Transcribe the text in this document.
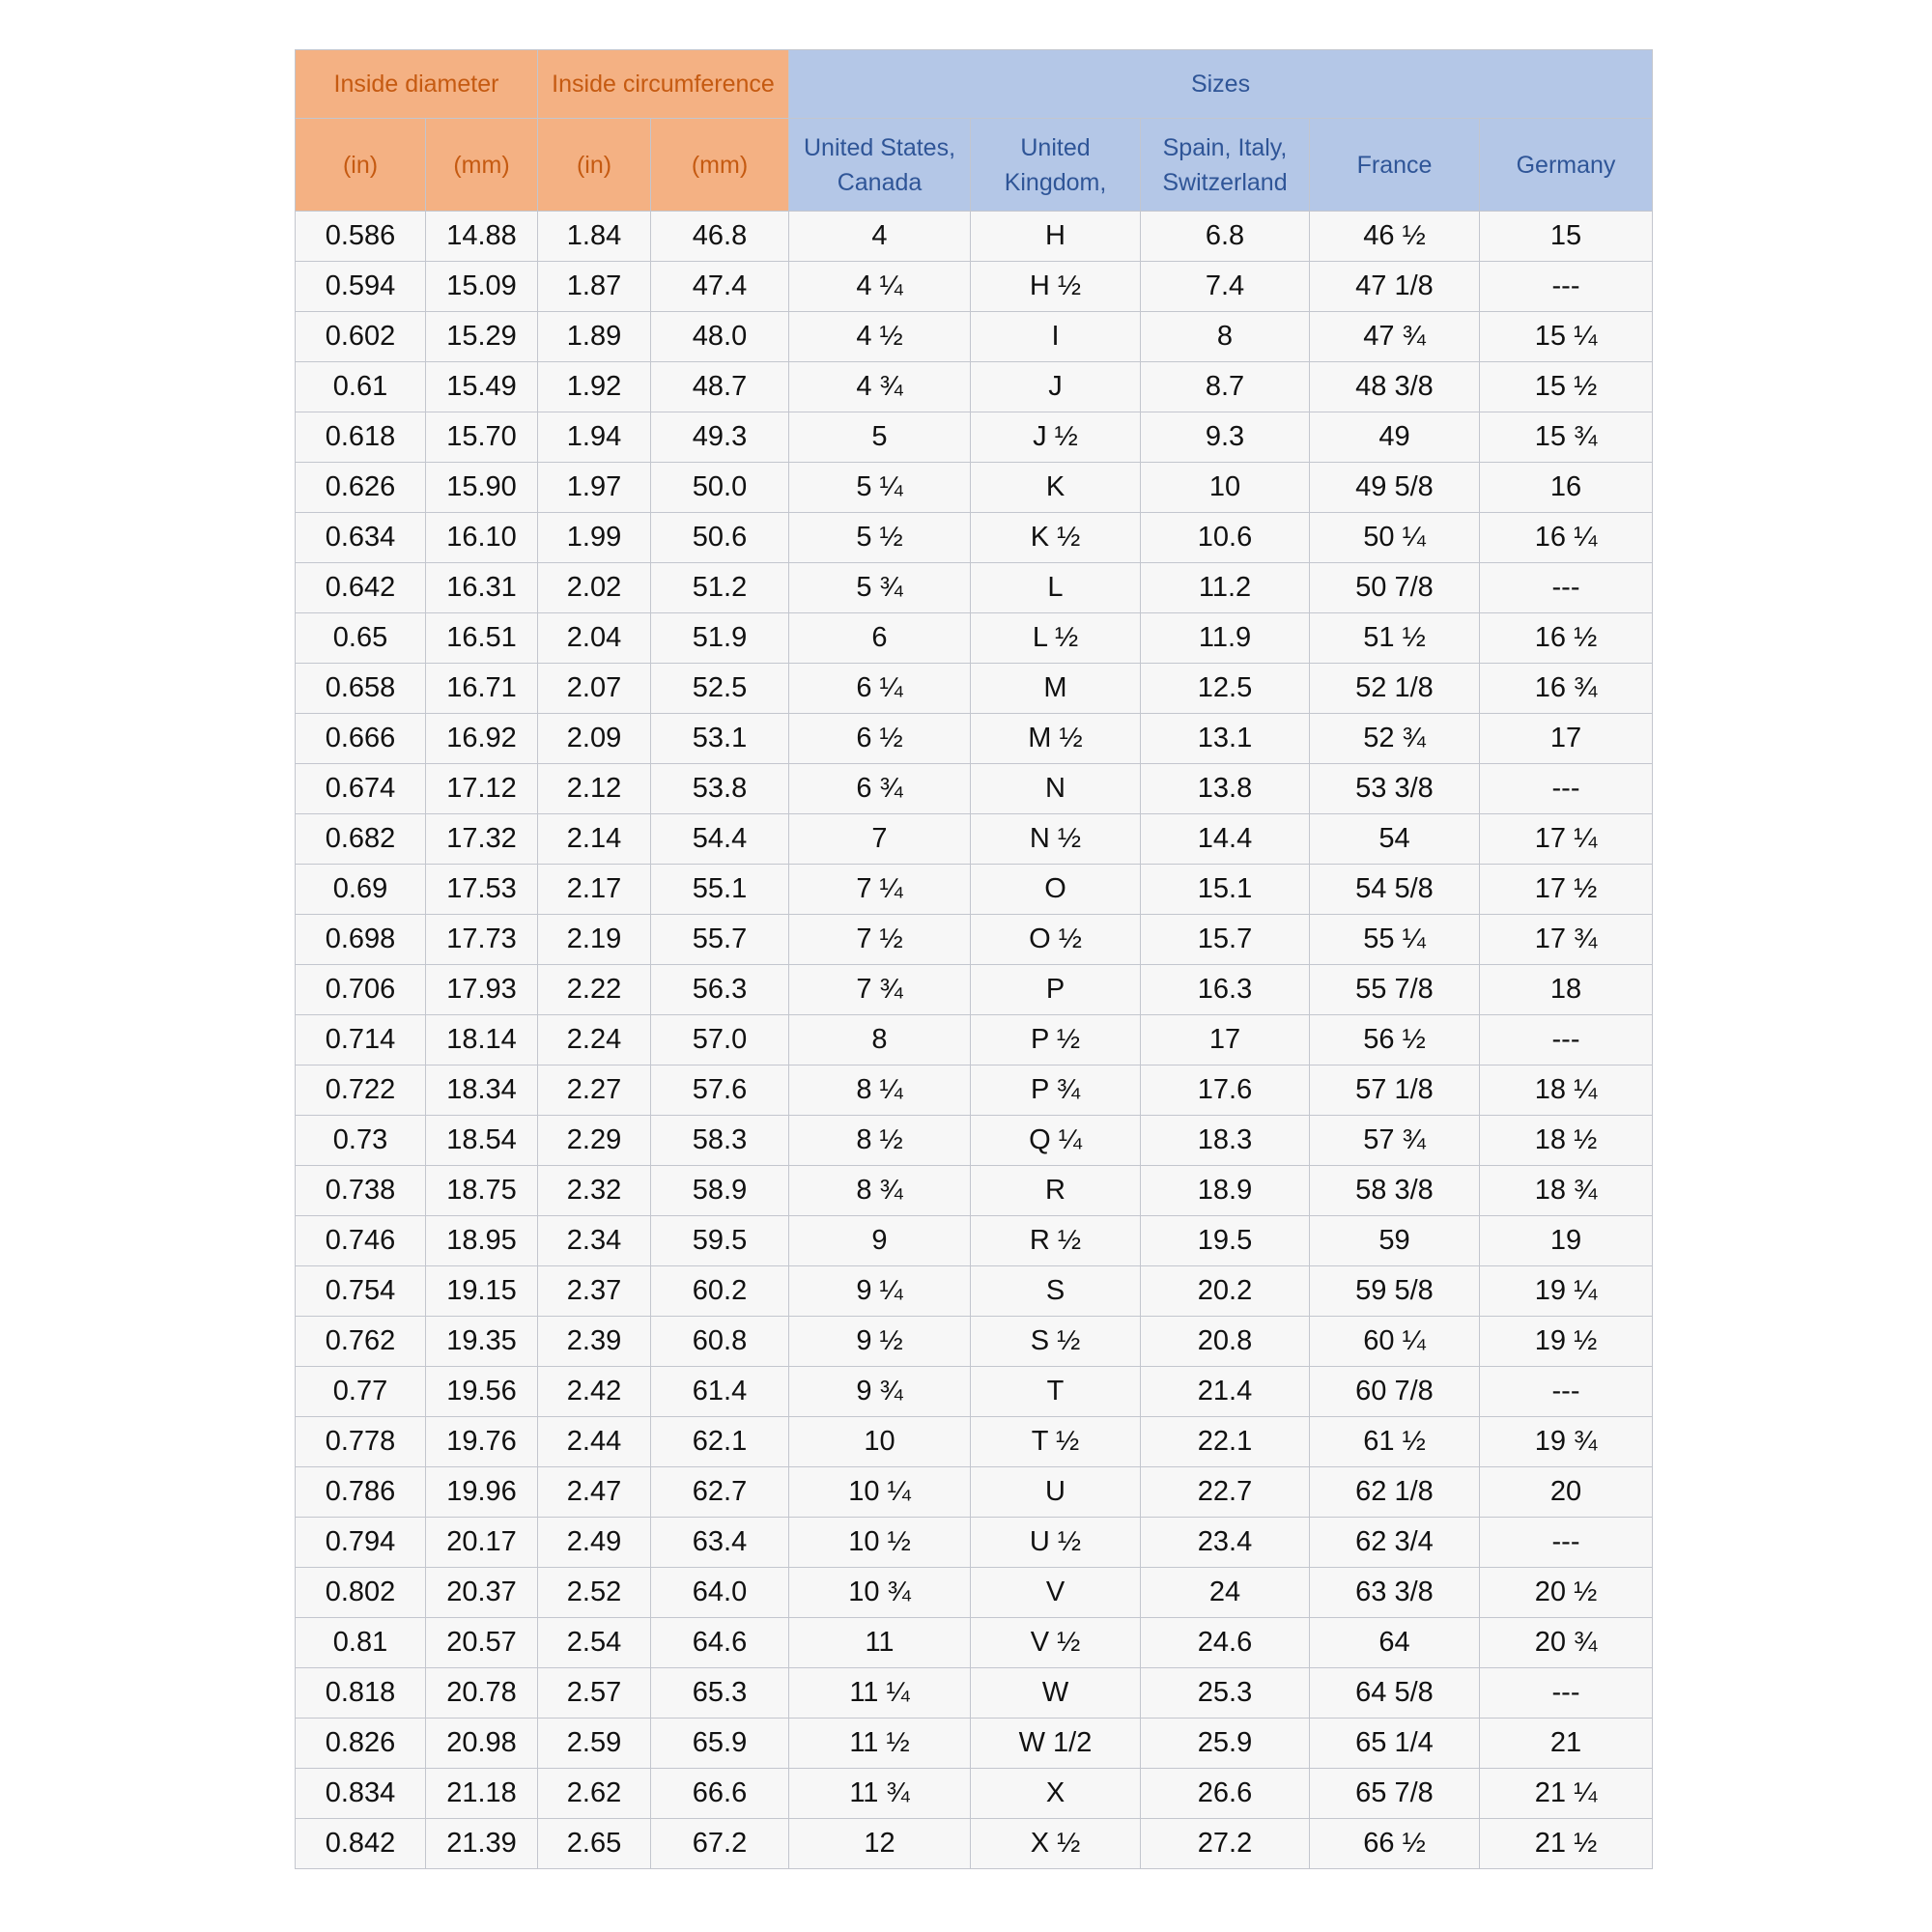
Inside diameter		Inside circumference		Sizes				
(in)	(mm)	(in)	(mm)	United States, Canada	United Kingdom,	Spain, Italy, Switzerland	France	Germany
0.586	14.88	1.84	46.8	4	H	6.8	46 ½	15
0.594	15.09	1.87	47.4	4 ¼	H ½	7.4	47 1/8	---
0.602	15.29	1.89	48.0	4 ½	I	8	47 ¾	15 ¼
0.61	15.49	1.92	48.7	4 ¾	J	8.7	48 3/8	15 ½
0.618	15.70	1.94	49.3	5	J ½	9.3	49	15 ¾
0.626	15.90	1.97	50.0	5 ¼	K	10	49 5/8	16
0.634	16.10	1.99	50.6	5 ½	K ½	10.6	50 ¼	16 ¼
0.642	16.31	2.02	51.2	5 ¾	L	11.2	50 7/8	---
0.65	16.51	2.04	51.9	6	L ½	11.9	51 ½	16 ½
0.658	16.71	2.07	52.5	6 ¼	M	12.5	52 1/8	16 ¾
0.666	16.92	2.09	53.1	6 ½	M ½	13.1	52 ¾	17
0.674	17.12	2.12	53.8	6 ¾	N	13.8	53 3/8	---
0.682	17.32	2.14	54.4	7	N ½	14.4	54	17 ¼
0.69	17.53	2.17	55.1	7 ¼	O	15.1	54 5/8	17 ½
0.698	17.73	2.19	55.7	7 ½	O ½	15.7	55 ¼	17 ¾
0.706	17.93	2.22	56.3	7 ¾	P	16.3	55 7/8	18
0.714	18.14	2.24	57.0	8	P ½	17	56 ½	---
0.722	18.34	2.27	57.6	8 ¼	P ¾	17.6	57 1/8	18 ¼
0.73	18.54	2.29	58.3	8 ½	Q ¼	18.3	57 ¾	18 ½
0.738	18.75	2.32	58.9	8 ¾	R	18.9	58 3/8	18 ¾
0.746	18.95	2.34	59.5	9	R ½	19.5	59	19
0.754	19.15	2.37	60.2	9 ¼	S	20.2	59 5/8	19 ¼
0.762	19.35	2.39	60.8	9 ½	S ½	20.8	60 ¼	19 ½
0.77	19.56	2.42	61.4	9 ¾	T	21.4	60 7/8	---
0.778	19.76	2.44	62.1	10	T ½	22.1	61 ½	19 ¾
0.786	19.96	2.47	62.7	10 ¼	U	22.7	62 1/8	20
0.794	20.17	2.49	63.4	10 ½	U ½	23.4	62 3/4	---
0.802	20.37	2.52	64.0	10 ¾	V	24	63 3/8	20 ½
0.81	20.57	2.54	64.6	11	V ½	24.6	64	20 ¾
0.818	20.78	2.57	65.3	11 ¼	W	25.3	64 5/8	---
0.826	20.98	2.59	65.9	11 ½	W 1/2	25.9	65 1/4	21
0.834	21.18	2.62	66.6	11 ¾	X	26.6	65 7/8	21 ¼
0.842	21.39	2.65	67.2	12	X ½	27.2	66 ½	21 ½
